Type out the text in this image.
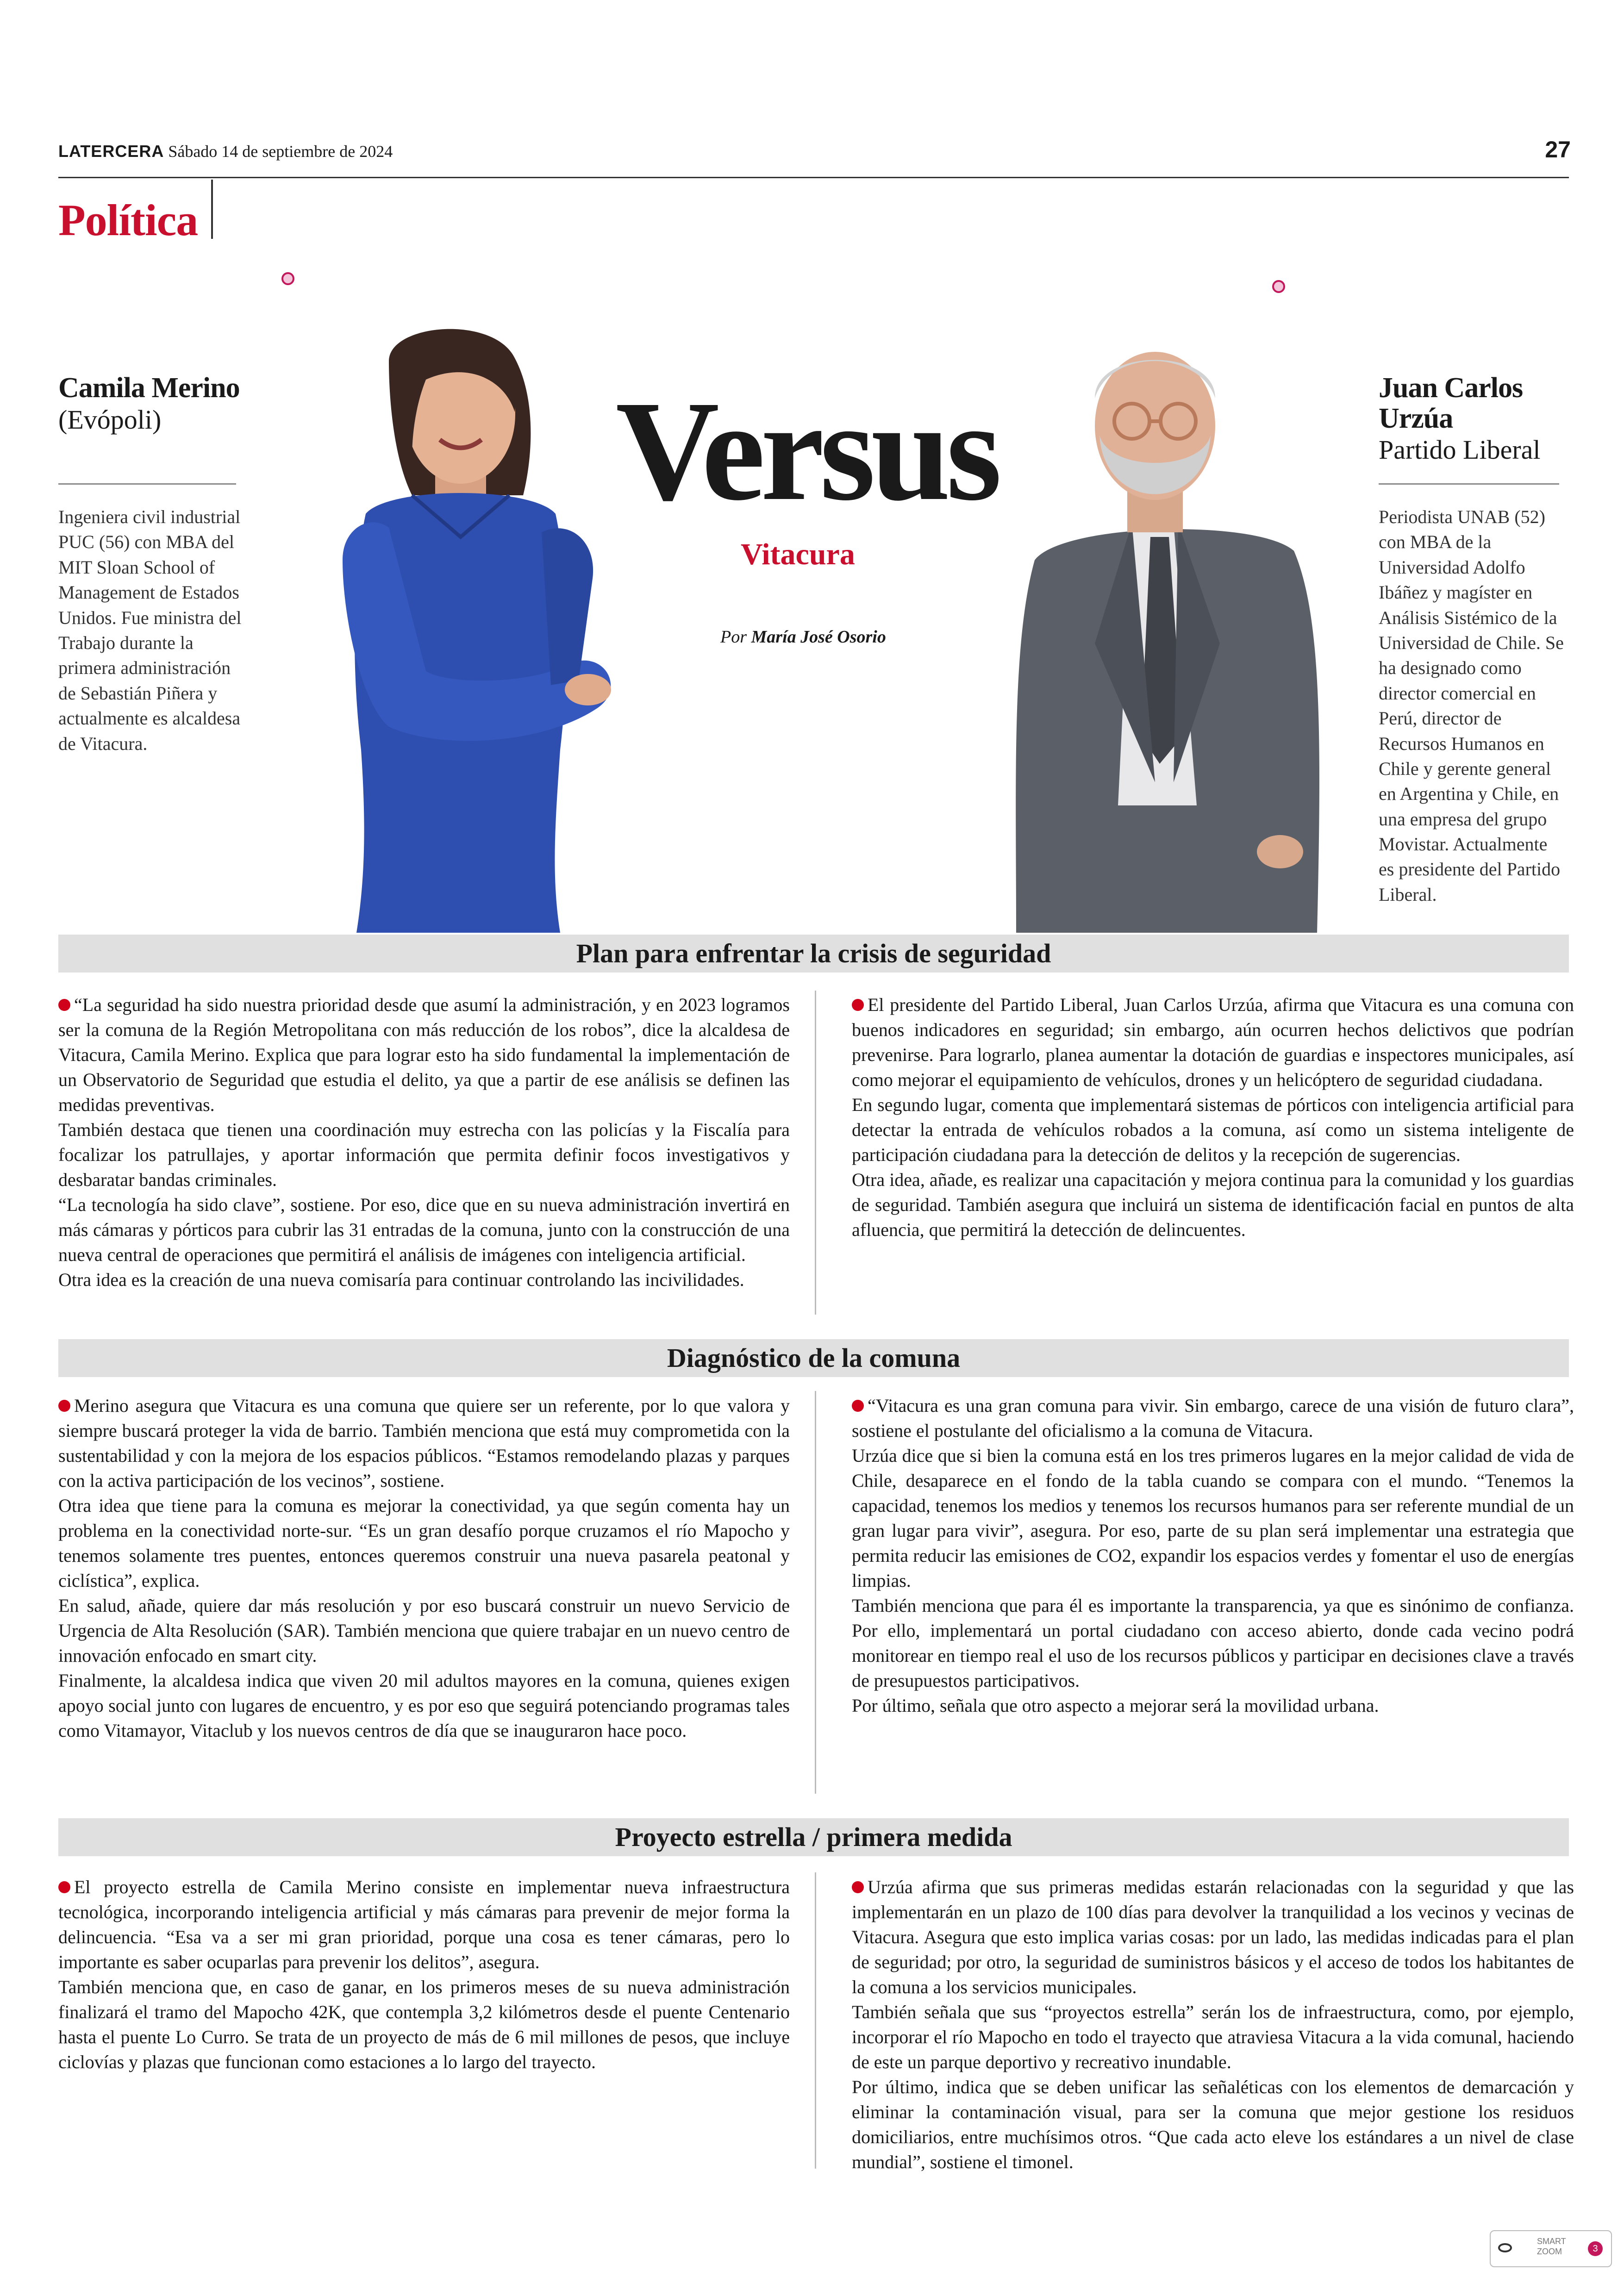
LATERCERA Sábado 14 de septiembre de 2024	27
Política
Camila Merino
(Evópoli)
Ingeniera civil industrial PUC (56) con MBA del MIT Sloan School of Management de Estados Unidos. Fue ministra del Trabajo durante la primera administración de Sebastián Piñera y actualmente es alcaldesa de Vitacura.
Versus
Vitacura
Por María José Osorio
Juan Carlos
Urzúa
Partido Liberal
Periodista UNAB (52) con MBA de la Universidad Adolfo Ibáñez y magíster en Análisis Sistémico de la Universidad de Chile. Se ha designado como director comercial en Perú, director de Recursos Humanos en Chile y gerente general en Argentina y Chile, en una empresa del grupo Movistar. Actualmente es presidente del Partido Liberal.
Plan para enfrentar la crisis de seguridad

“La seguridad ha sido nuestra prioridad desde que asumí la administración, y en 2023 logramos ser la comuna de la Región Metropolitana con más reducción de los robos”, dice la alcaldesa de Vitacura, Camila Merino. Explica que para lograr esto ha sido fundamental la implementación de un Observatorio de Seguridad que estudia el delito, ya que a partir de ese análisis se definen las medidas preventivas.

También destaca que tienen una coordinación muy estrecha con las policías y la Fiscalía para focalizar los patrullajes, y aportar información que permita definir focos investigativos y desbaratar bandas criminales.

“La tecnología ha sido clave”, sostiene. Por eso, dice que en su nueva administración invertirá en más cámaras y pórticos para cubrir las 31 entradas de la comuna, junto con la construcción de una nueva central de operaciones que permitirá el análisis de imágenes con inteligencia artificial.

Otra idea es la creación de una nueva comisaría para continuar controlando las incivilidades.

El presidente del Partido Liberal, Juan Carlos Urzúa, afirma que Vitacura es una comuna con buenos indicadores en seguridad; sin embargo, aún ocurren hechos delictivos que podrían prevenirse. Para lograrlo, planea aumentar la dotación de guardias e inspectores municipales, así como mejorar el equipamiento de vehículos, drones y un helicóptero de seguridad ciudadana.

En segundo lugar, comenta que implementará sistemas de pórticos con inteligencia artificial para detectar la entrada de vehículos robados a la comuna, así como un sistema inteligente de participación ciudadana para la detección de delitos y la recepción de sugerencias.

Otra idea, añade, es realizar una capacitación y mejora continua para la comunidad y los guardias de seguridad. También asegura que incluirá un sistema de identificación facial en puntos de alta afluencia, que permitirá la detección de delincuentes.

Diagnóstico de la comuna

Merino asegura que Vitacura es una comuna que quiere ser un referente, por lo que valora y siempre buscará proteger la vida de barrio. También menciona que está muy comprometida con la sustentabilidad y con la mejora de los espacios públicos. “Estamos remodelando plazas y parques con la activa participación de los vecinos”, sostiene.

Otra idea que tiene para la comuna es mejorar la conectividad, ya que según comenta hay un problema en la conectividad norte-sur. “Es un gran desafío porque cruzamos el río Mapocho y tenemos solamente tres puentes, entonces queremos construir una nueva pasarela peatonal y ciclística”, explica.

En salud, añade, quiere dar más resolución y por eso buscará construir un nuevo Servicio de Urgencia de Alta Resolución (SAR). También menciona que quiere trabajar en un nuevo centro de innovación enfocado en smart city.

Finalmente, la alcaldesa indica que viven 20 mil adultos mayores en la comuna, quienes exigen apoyo social junto con lugares de encuentro, y es por eso que seguirá potenciando programas tales como Vitamayor, Vitaclub y los nuevos centros de día que se inauguraron hace poco.

“Vitacura es una gran comuna para vivir. Sin embargo, carece de una visión de futuro clara”, sostiene el postulante del oficialismo a la comuna de Vitacura.

Urzúa dice que si bien la comuna está en los tres primeros lugares en la mejor calidad de vida de Chile, desaparece en el fondo de la tabla cuando se compara con el mundo. “Tenemos la capacidad, tenemos los medios y tenemos los recursos humanos para ser referente mundial de un gran lugar para vivir”, asegura. Por eso, parte de su plan será implementar una estrategia que permita reducir las emisiones de CO2, expandir los espacios verdes y fomentar el uso de energías limpias.

También menciona que para él es importante la transparencia, ya que es sinónimo de confianza. Por ello, implementará un portal ciudadano con acceso abierto, donde cada vecino podrá monitorear en tiempo real el uso de los recursos públicos y participar en decisiones clave a través de presupuestos participativos.

Por último, señala que otro aspecto a mejorar será la movilidad urbana.

Proyecto estrella / primera medida

El proyecto estrella de Camila Merino consiste en implementar nueva infraestructura tecnológica, incorporando inteligencia artificial y más cámaras para prevenir de mejor forma la delincuencia. “Esa va a ser mi gran prioridad, porque una cosa es tener cámaras, pero lo importante es saber ocuparlas para prevenir los delitos”, asegura.

También menciona que, en caso de ganar, en los primeros meses de su nueva administración finalizará el tramo del Mapocho 42K, que contempla 3,2 kilómetros desde el puente Centenario hasta el puente Lo Curro. Se trata de un proyecto de más de 6 mil millones de pesos, que incluye ciclovías y plazas que funcionan como estaciones a lo largo del trayecto.

Urzúa afirma que sus primeras medidas estarán relacionadas con la seguridad y que las implementarán en un plazo de 100 días para devolver la tranquilidad a los vecinos y vecinas de Vitacura. Asegura que esto implica varias cosas: por un lado, las medidas indicadas para el plan de seguridad; por otro, la seguridad de suministros básicos y el acceso de todos los habitantes de la comuna a los servicios municipales.

También señala que sus “proyectos estrella” serán los de infraestructura, como, por ejemplo, incorporar el río Mapocho en todo el trayecto que atraviesa Vitacura a la vida comunal, haciendo de este un parque deportivo y recreativo inundable.

Por último, indica que se deben unificar las señaléticas con los elementos de demarcación y eliminar la contaminación visual, para ser la comuna que mejor gestione los residuos domiciliarios, entre muchísimos otros. “Que cada acto eleve los estándares a un nivel de clase mundial”, sostiene el timonel.

SMART
ZOOM	3
